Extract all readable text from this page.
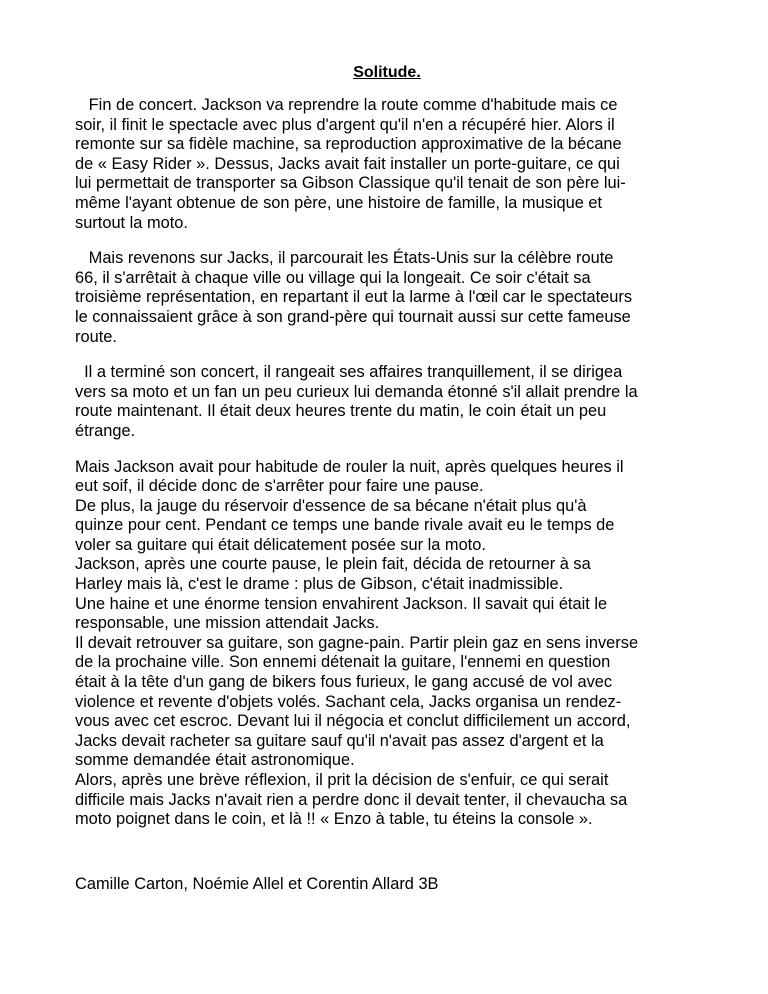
Solitude.

Fin de concert. Jackson va reprendre la route comme d'habitude mais ce
soir, il finit le spectacle avec plus d'argent qu'il n'en a récupéré hier. Alors il
remonte sur sa fidèle machine, sa reproduction approximative de la bécane
de « Easy Rider ». Dessus, Jacks avait fait installer un porte-guitare, ce qui
lui permettait de transporter sa Gibson Classique qu'il tenait de son père lui-
même l'ayant obtenue de son père, une histoire de famille, la musique et
surtout la moto.

Mais revenons sur Jacks, il parcourait les États-Unis sur la célèbre route
66, il s'arrêtait à chaque ville ou village qui la longeait. Ce soir c'était sa
troisième représentation, en repartant il eut la larme à l'œil car le spectateurs
le connaissaient grâce à son grand-père qui tournait aussi sur cette fameuse
route.

Il a terminé son concert, il rangeait ses affaires tranquillement, il se dirigea
vers sa moto et un fan un peu curieux lui demanda étonné s'il allait prendre la
route maintenant. Il était deux heures trente du matin, le coin était un peu
étrange.

Mais Jackson avait pour habitude de rouler la nuit, après quelques heures il
eut soif, il décide donc de s'arrêter pour faire une pause.
De plus, la jauge du réservoir d'essence de sa bécane n'était plus qu'à
quinze pour cent. Pendant ce temps une bande rivale avait eu le temps de
voler sa guitare qui était délicatement posée sur la moto.
Jackson, après une courte pause, le plein fait, décida de retourner à sa
Harley mais là, c'est le drame : plus de Gibson, c'était inadmissible.
Une haine et une énorme tension envahirent Jackson. Il savait qui était le
responsable, une mission attendait Jacks.
Il devait retrouver sa guitare, son gagne-pain. Partir plein gaz en sens inverse
de la prochaine ville. Son ennemi détenait la guitare, l'ennemi en question
était à la tête d'un gang de bikers fous furieux, le gang accusé de vol avec
violence et revente d'objets volés. Sachant cela, Jacks organisa un rendez-
vous avec cet escroc. Devant lui il négocia et conclut difficilement un accord,
Jacks devait racheter sa guitare sauf qu'il n'avait pas assez d'argent et la
somme demandée était astronomique.
Alors, après une brève réflexion, il prit la décision de s'enfuir, ce qui serait
difficile mais Jacks n'avait rien a perdre donc il devait tenter, il chevaucha sa
moto poignet dans le coin, et là !! « Enzo à table, tu éteins la console ».

Camille Carton, Noémie Allel et Corentin Allard 3B
